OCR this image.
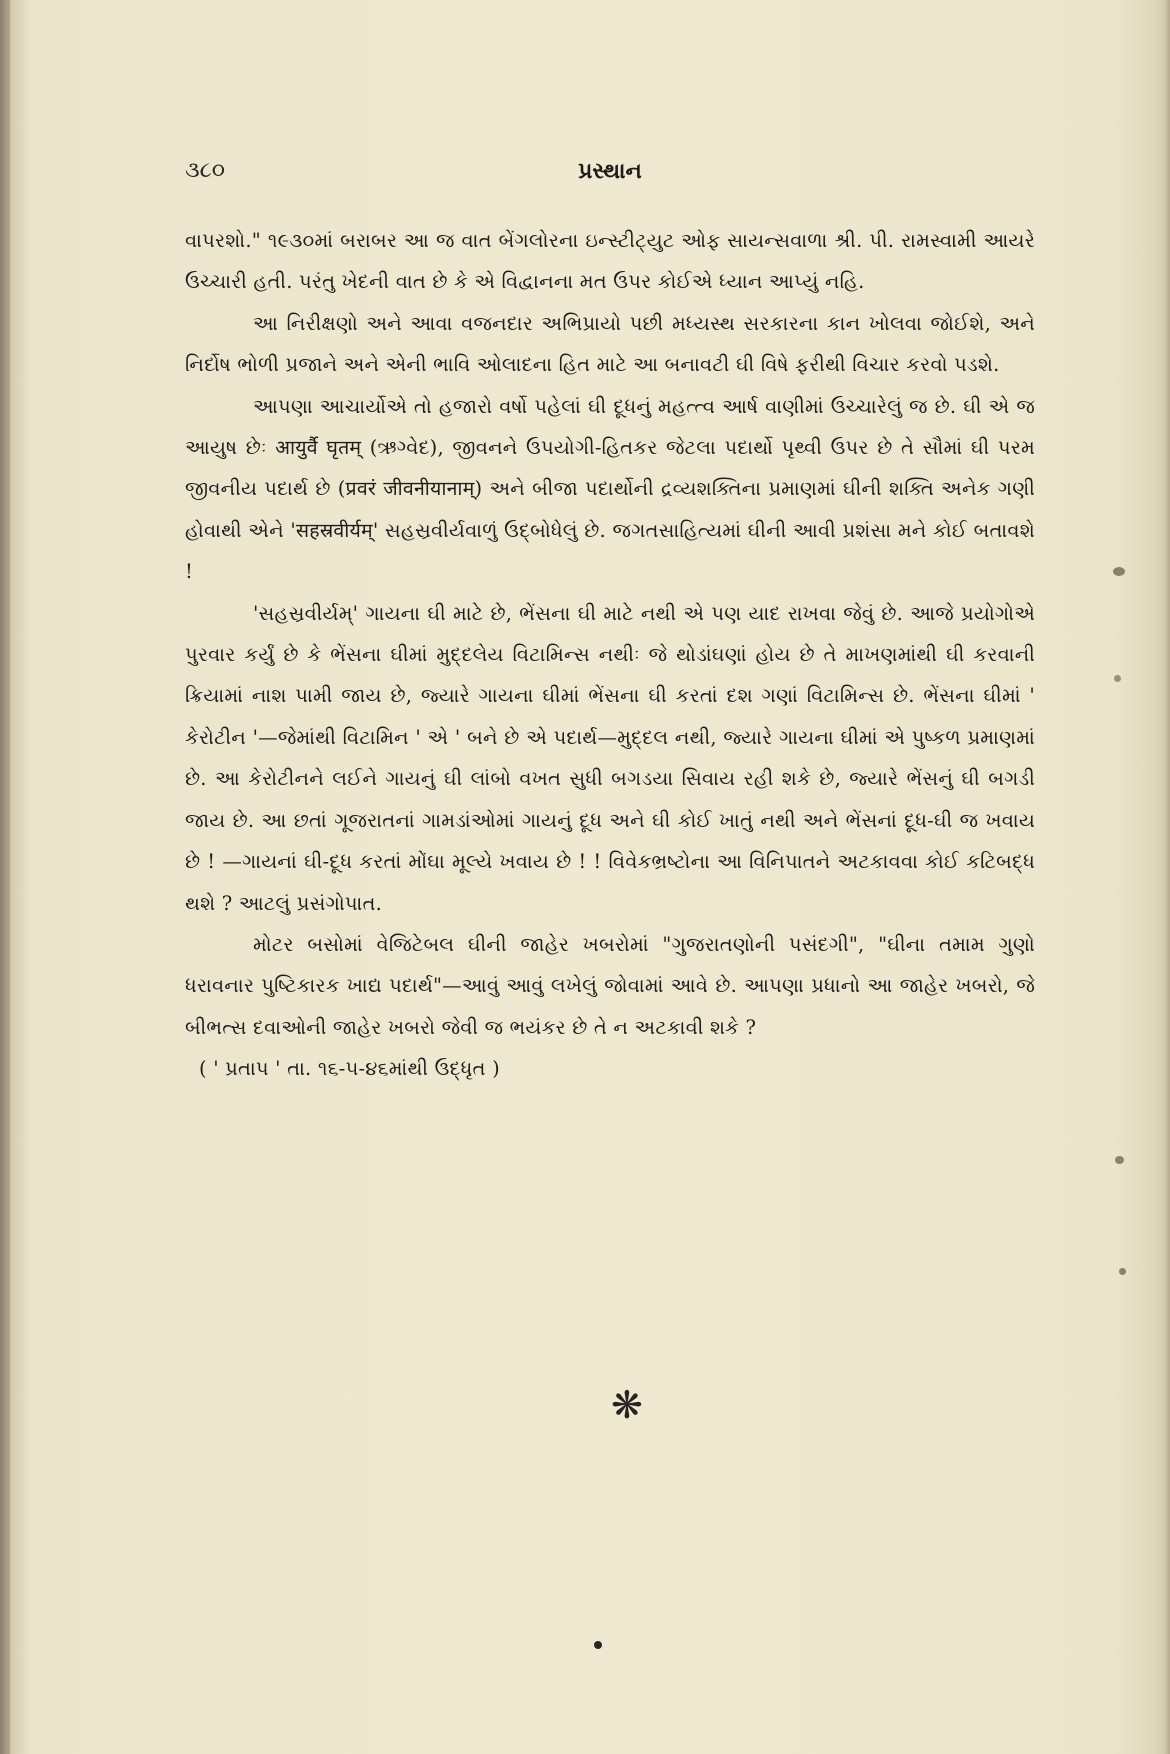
૩૮૦	પ્રસ્થાન

વાપરશો." ૧૯૩૦માં બરાબર આ જ વાત બેંગલોરના ઇન્સ્ટીટ્યુટ ઓફ સાયન્સવાળા શ્રી. પી. રામસ્વામી આયરે ઉચ્ચારી હતી. પરંતુ ખેદની વાત છે કે એ વિદ્વાનના મત ઉપર કોઈએ ધ્યાન આપ્યું નહિ.

આ નિરીક્ષણો અને આવા વજનદાર અભિપ્રાયો પછી મધ્યસ્થ સરકારના કાન ખોલવા જોઈશે, અને નિર્દોષ ભોળી પ્રજાને અને એની ભાવિ ઓલાદના હિત માટે આ બનાવટી ઘી વિષે ફરીથી વિચાર કરવો પડશે.

આપણા આચાર્યોએ તો હજારો વર્ષો પહેલાં ઘી દૂધનું મહત્ત્વ આર્ષ વાણીમાં ઉચ્ચારેલું જ છે. ઘી એ જ આયુષ છેઃ आयुर्वै घृतम् (ઋગ્વેદ), જીવનને ઉપયોગી-હિતકર જેટલા પદાર્થો પૃથ્વી ઉપર છે તે સૌમાં ઘી પરમ જીવનીય પદાર્થ છે (प्रवरं जीवनीयानाम्) અને બીજા પદાર્થોની દ્રવ્યશક્તિના પ્રમાણમાં ઘીની શક્તિ અનેક ગણી હોવાથી એને 'सहस्रवीर्यम्' સહસ્રવીર્યવાળું ઉદ્બોધેલું છે. જગતસાહિત્યમાં ઘીની આવી પ્રશંસા મને કોઈ બતાવશે !

'સહસ્રવીર્યમ્' ગાયના ઘી માટે છે, ભેંસના ઘી માટે નથી એ પણ યાદ રાખવા જેવું છે. આજે પ્રયોગોએ પુરવાર કર્યું છે કે ભેંસના ઘીમાં મુદ્દલેય વિટામિન્સ નથીઃ જે થોડાંઘણાં હોય છે તે માખણમાંથી ઘી કરવાની ક્રિયામાં નાશ પામી જાય છે, જ્યારે ગાયના ઘીમાં ભેંસના ઘી કરતાં દશ ગણાં વિટામિન્સ છે. ભેંસના ઘીમાં ' કેરોટીન '—જેમાંથી વિટામિન ' એ ' બને છે એ પદાર્થ—મુદ્દલ નથી, જ્યારે ગાયના ઘીમાં એ પુષ્કળ પ્રમાણમાં છે. આ કેરોટીનને લઈને ગાયનું ઘી લાંબો વખત સુધી બગડયા સિવાય રહી શકે છે, જ્યારે ભેંસનું ઘી બગડી જાય છે. આ છતાં ગૂજરાતનાં ગામડાંઓમાં ગાયનું દૂધ અને ઘી કોઈ ખાતું નથી અને ભેંસનાં દૂધ-ઘી જ ખવાય છે ! —ગાયનાં ઘી-દૂધ કરતાં મોંઘા મૂલ્યે ખવાય છે ! ! વિવેકભ્રષ્ટોના આ વિનિપાતને અટકાવવા કોઈ કટિબદ્ધ થશે ? આટલું પ્રસંગોપાત.

મોટર બસોમાં વેજિટેબલ ઘીની જાહેર ખબરોમાં "ગુજરાતણોની પસંદગી", "ઘીના તમામ ગુણો ધરાવનાર પુષ્ટિકારક ખાદ્ય પદાર્થ"—આવું આવું લખેલું જોવામાં આવે છે. આપણા પ્રધાનો આ જાહેર ખબરો, જે બીભત્સ દવાઓની જાહેર ખબરો જેવી જ ભયંકર છે તે ન અટકાવી શકે ?

( ' પ્રતાપ ' તા. ૧૬-૫-૪૬માંથી ઉદ્ધૃત )

❋
